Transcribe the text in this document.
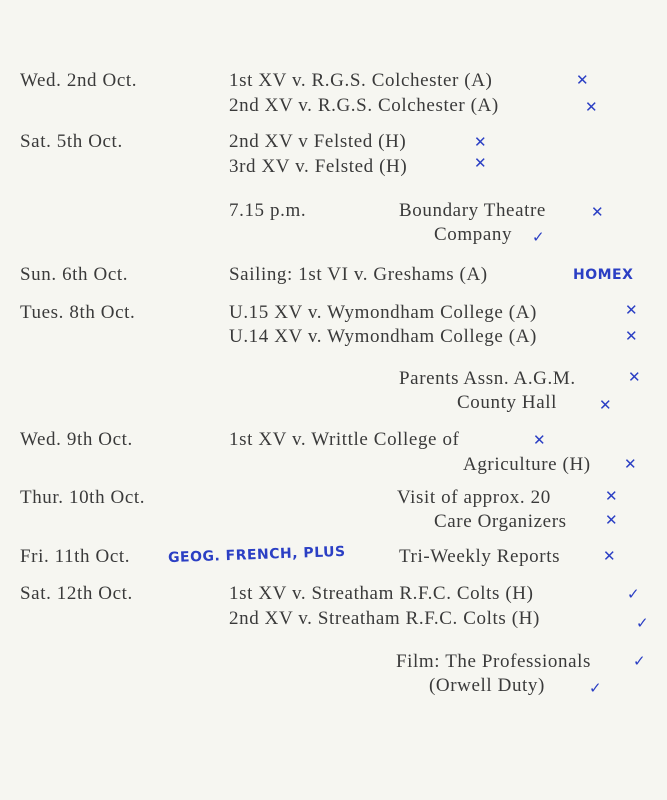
Wed. 2nd Oct.	1st XV v. R.G.S. Colchester (A)	✕
2nd XV v. R.G.S. Colchester (A)	✕
Sat. 5th Oct.	2nd XV v Felsted (H)	✕
3rd XV v. Felsted (H)	✕
7.15 p.m.	Boundary Theatre	✕
Company ✓
Sun. 6th Oct.	Sailing: 1st VI v. Greshams (A)	HOMEX
Tues. 8th Oct.	U.15 XV v. Wymondham College (A)	✕
U.14 XV v. Wymondham College (A)	✕
Parents Assn. A.G.M.	✕
County Hall	✕
Wed. 9th Oct.	1st XV v. Writtle College of	✕
Agriculture (H) ✕
Thur. 10th Oct.	Visit of approx. 20	✕
Care Organizers	✕
Fri. 11th Oct.	GEOG. FRENCH, PLUS	Tri-Weekly Reports	✕
Sat. 12th Oct.	1st XV v. Streatham R.F.C. Colts (H)	✓
2nd XV v. Streatham R.F.C. Colts (H)	✓
Film: The Professionals	✓
(Orwell Duty)	✓
